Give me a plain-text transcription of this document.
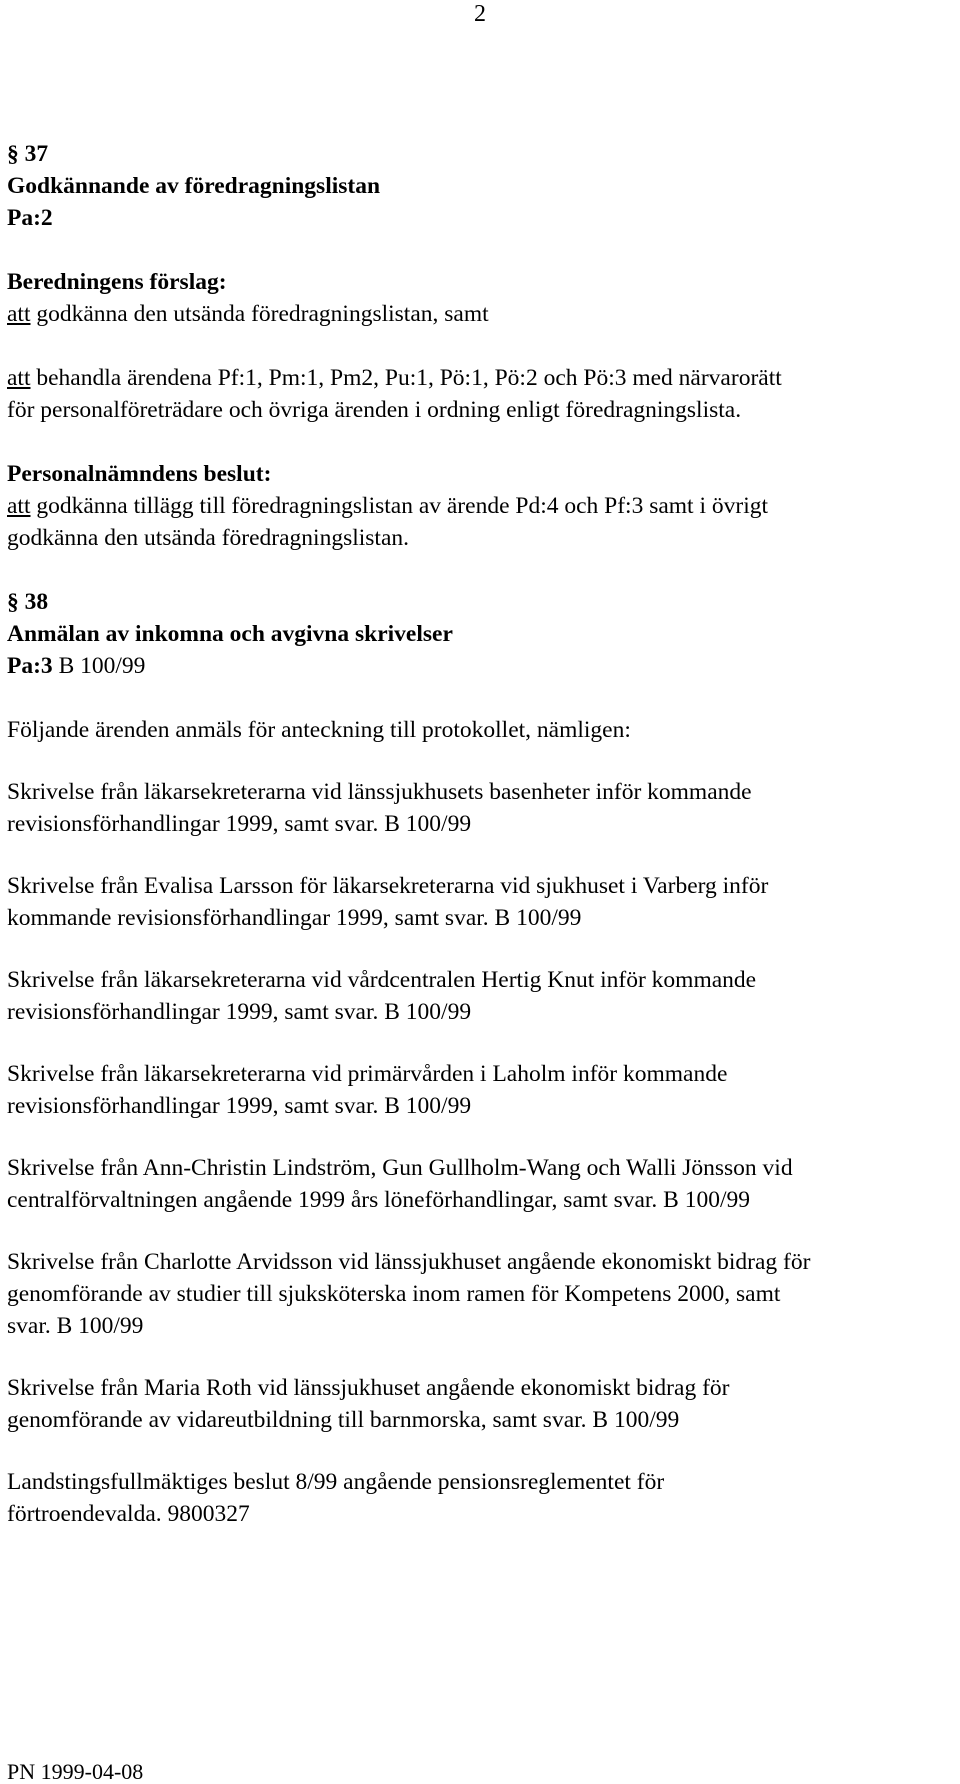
2
§ 37
Godkännande av föredragningslistan
Pa:2
Beredningens förslag:
att godkänna den utsända föredragningslistan, samt
att behandla ärendena Pf:1, Pm:1, Pm2, Pu:1, Pö:1, Pö:2 och Pö:3 med närvarorätt
för personalföreträdare och övriga ärenden i ordning enligt föredragningslista.
Personalnämndens beslut:
att godkänna tillägg till föredragningslistan av ärende Pd:4 och Pf:3 samt i övrigt
godkänna den utsända föredragningslistan.
§ 38
Anmälan av inkomna och avgivna skrivelser
Pa:3 B 100/99
Följande ärenden anmäls för anteckning till protokollet, nämligen:
Skrivelse från läkarsekreterarna vid länssjukhusets basenheter inför kommande
revisionsförhandlingar 1999, samt svar. B 100/99
Skrivelse från Evalisa Larsson för läkarsekreterarna vid sjukhuset i Varberg inför
kommande revisionsförhandlingar 1999, samt svar. B 100/99
Skrivelse från läkarsekreterarna vid vårdcentralen Hertig Knut inför kommande
revisionsförhandlingar 1999, samt svar. B 100/99
Skrivelse från läkarsekreterarna vid primärvården i Laholm inför kommande
revisionsförhandlingar 1999, samt svar. B 100/99
Skrivelse från Ann-Christin Lindström, Gun Gullholm-Wang och Walli Jönsson vid
centralförvaltningen angående 1999 års löneförhandlingar, samt svar. B 100/99
Skrivelse från Charlotte Arvidsson vid länssjukhuset angående ekonomiskt bidrag för
genomförande av studier till sjuksköterska inom ramen för Kompetens 2000, samt
svar. B 100/99
Skrivelse från Maria Roth vid länssjukhuset angående ekonomiskt bidrag för
genomförande av vidareutbildning till barnmorska, samt svar. B 100/99
Landstingsfullmäktiges beslut 8/99 angående pensionsreglementet för
förtroendevalda. 9800327
PN 1999-04-08
